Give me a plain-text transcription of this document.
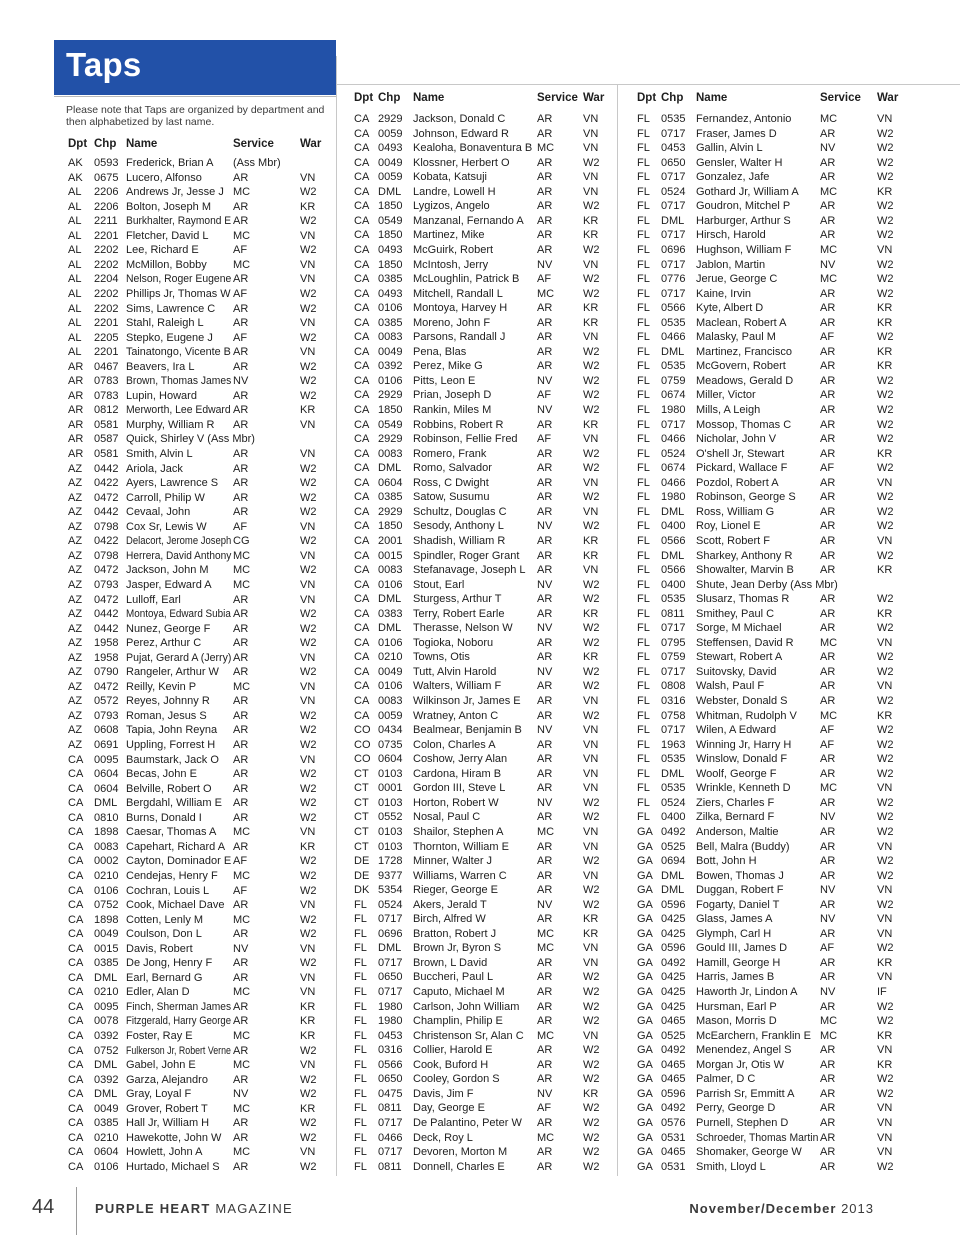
Taps
Please note that Taps are organized by department and then alphabetized by last name.
Dpt Chp Name	Service War
AK 0593 Frederick, Brian A (Ass Mbr)
AK 0675 Lucero, Alfonso	AR	VN
AL 2206 Andrews Jr, Jesse J MC	W2
AL 2206 Bolton, Joseph M AR	KR
AL 2211 Burkhalter, Raymond E AR	W2
AL 2201 Fletcher, David L MC	VN
AL 2202 Lee, Richard E	AF	W2
AL 2202 McMillon, Bobby MC	VN
AL 2204 Nelson, Roger Eugene AR	VN
AL 2202 Phillips Jr, Thomas W AF	W2
AL 2202 Sims, Lawrence C AR	W2
AL 2201 Stahl, Raleigh L	AR	VN
AL 2205 Stepko, Eugene J AF	W2
AL 2201 Tainatongo, Vicente B AR	VN
AR 0467 Beavers, Ira L	AR	W2
AR 0783 Brown, Thomas James NV	W2
AR 0783 Lupin, Howard	AR	W2
AR 0812 Merworth, Lee Edward AR	KR
AR 0581 Murphy, William R AR	VN
AR 0587 Quick, Shirley V (Ass Mbr)
AR 0581 Smith, Alvin L	AR	VN
AZ 0442 Ariola, Jack	AR	W2
AZ 0422 Ayers, Lawrence S AR	W2
AZ 0472 Carroll, Philip W	AR	W2
AZ 0442 Cevaal, John	AR	W2
AZ 0798 Cox Sr, Lewis W AF	VN
AZ 0422 Delacort, Jerome Joseph CG	W2
AZ 0798 Herrera, David Anthony MC	VN
AZ 0472 Jackson, John M MC	W2
AZ 0793 Jasper, Edward A MC	VN
AZ 0472 Lulloff, Earl	AR	VN
AZ 0442 Montoya, Edward Subia AR	W2
AZ 0442 Nunez, George F AR	W2
AZ 1958 Perez, Arthur C	AR	W2
AZ 1958 Pujat, Gerard A (Jerry) AR	VN
AZ 0790 Rangeler, Arthur W AR	W2
AZ 0472 Reilly, Kevin P	MC	VN
AZ 0572 Reyes, Johnny R AR	VN
AZ 0793 Roman, Jesus S AR	W2
AZ 0608 Tapia, John Reyna AR	W2
AZ 0691 Uppling, Forrest H AR	W2
CA 0095 Baumstark, Jack O AR	VN
CA 0604 Becas, John E	AR	W2
CA 0604 Belville, Robert O AR	W2
CA DML Bergdahl, William E AR	W2
CA 0810 Burns, Donald I	AR	W2
CA 1898 Caesar, Thomas A MC	VN
CA 0083 Capehart, Richard A AR	KR
CA 0002 Cayton, Dominador E AF	W2
CA 0210 Cendejas, Henry F MC	W2
CA 0106 Cochran, Louis L AF	W2
CA 0752 Cook, Michael Dave AR	VN
CA 1898 Cotten, Lenly M	MC	W2
CA 0049 Coulson, Don L	AR	W2
CA 0015 Davis, Robert	NV	VN
CA 0385 De Jong, Henry F AR	W2
CA DML Earl, Bernard G	AR	VN
CA 0210 Edler, Alan D	MC	VN
CA 0095 Finch, Sherman James AR	KR
CA 0078 Fitzgerald, Harry George AR	KR
CA 0392 Foster, Ray E	MC	KR
CA 0752 Fulkerson Jr, Robert Verne AR	W2
CA DML Gabel, John E	MC	VN
CA 0392 Garza, Alejandro AR	W2
CA DML Gray, Loyal F	NV	W2
CA 0049 Grover, Robert T MC	KR
CA 0385 Hall Jr, William H AR	W2
CA 0210 Hawekotte, John W AR	W2
CA 0604 Howlett, John A	MC	VN
CA 0106 Hurtado, Michael S AR	W2
Dpt Chp Name	Service War
CA 2929 Jackson, Donald C	AR	VN
CA 0059 Johnson, Edward R	AR	VN
CA 0493 Kealoha, Bonaventura B MC	VN
CA 0049 Klossner, Herbert O AR	W2
CA 0059 Kobata, Katsuji	AR	VN
CA DML Landre, Lowell H	AR	VN
CA 1850 Lygizos, Angelo	AR	W2
CA 0549 Manzanal, Fernando A AR	KR
CA 1850 Martinez, Mike	AR	KR
CA 0493 McGuirk, Robert	AR	W2
CA 1850 McIntosh, Jerry	NV	VN
CA 0385 McLoughlin, Patrick B AF	W2
CA 0493 Mitchell, Randall L	MC	W2
CA 0106 Montoya, Harvey H	AR	KR
CA 0385 Moreno, John F	AR	KR
CA 0083 Parsons, Randall J	AR	VN
CA 0049 Pena, Blas	AR	W2
CA 0392 Perez, Mike G	AR	W2
CA 0106 Pitts, Leon E	NV	W2
CA 2929 Prian, Joseph D	AF	W2
CA 1850 Rankin, Miles M	NV	W2
CA 0549 Robbins, Robert R	AR	KR
CA 2929 Robinson, Fellie Fred AF	VN
CA 0083 Romero, Frank	AR	W2
CA DML Romo, Salvador	AR	W2
CA 0604 Ross, C Dwight	AR	VN
CA 0385 Satow, Susumu	AR	W2
CA 2929 Schultz, Douglas C	AR	VN
CA 1850 Sesody, Anthony L	NV	W2
CA 2001 Shadish, William R	AR	KR
CA 0015 Spindler, Roger Grant AR	KR
CA 0083 Stefanavage, Joseph L AR	VN
CA 0106 Stout, Earl	NV	W2
CA DML Sturgess, Arthur T	AR	W2
CA 0383 Terry, Robert Earle	AR	KR
CA DML Therasse, Nelson W NV	W2
CA 0106 Togioka, Noboru	AR	W2
CA 0210 Towns, Otis	AR	KR
CA 0049 Tutt, Alvin Harold	NV	W2
CA 0106 Walters, William F	AR	W2
CA 0083 Wilkinson Jr, James E AR	VN
CA 0059 Wratney, Anton C	AR	W2
CO 0434 Bealmear, Benjamin B NV	VN
CO 0735 Colon, Charles A	AR	VN
CO 0604 Coshow, Jerry Alan	AR	VN
CT 0103 Cardona, Hiram B	AR	VN
CT 0001 Gordon III, Steve L	AR	VN
CT 0103 Horton, Robert W	NV	W2
CT 0552 Nosal, Paul C	AR	W2
CT 0103 Shailor, Stephen A	MC	VN
CT 0103 Thornton, William E	AR	VN
DE 1728 Minner, Walter J	AR	W2
DE 9377 Williams, Warren C	AR	VN
DK 5354 Rieger, George E	AR	W2
FL 0524 Akers, Jerald T	NV	W2
FL 0717 Birch, Alfred W	AR	KR
FL 0696 Bratton, Robert J	MC	KR
FL DML Brown Jr, Byron S	MC	VN
FL 0717 Brown, L David	AR	VN
FL 0650 Buccheri, Paul L	AR	W2
FL 0717 Caputo, Michael M	AR	W2
FL 1980 Carlson, John William AR	W2
FL 1980 Champlin, Philip E	AR	W2
FL 0453 Christenson Sr, Alan C MC	VN
FL 0316 Collier, Harold E	AR	W2
FL 0566 Cook, Buford H	AR	W2
FL 0650 Cooley, Gordon S	AR	W2
FL 0475 Davis, Jim F	NV	KR
FL 0811 Day, George E	AF	W2
FL 0717 De Palantino, Peter W AR	W2
FL 0466 Deck, Roy L	MC	W2
FL 0717 Devoren, Morton M	AR	W2
FL 0811 Donnell, Charles E	AR	W2
Dpt Chp Name	Service War
FL 0535 Fernandez, Antonio	MC	VN
FL 0717 Fraser, James D	AR	W2
FL 0453 Gallin, Alvin L	NV	W2
FL 0650 Gensler, Walter H	AR	W2
FL 0717 Gonzalez, Jafe	AR	W2
FL 0524 Gothard Jr, William A MC	KR
FL 0717 Goudron, Mitchel P	AR	W2
FL DML Harburger, Arthur S	AR	W2
FL 0717 Hirsch, Harold	AR	W2
FL 0696 Hughson, William F	MC	VN
FL 0717 Jablon, Martin	NV	W2
FL 0776 Jerue, George C	MC	W2
FL 0717 Kaine, Irvin	AR	W2
FL 0566 Kyte, Albert D	AR	KR
FL 0535 Maclean, Robert A	AR	KR
FL 0466 Malasky, Paul M	AF	W2
FL DML Martinez, Francisco	AR	KR
FL 0535 McGovern, Robert	AR	KR
FL 0759 Meadows, Gerald D AR	W2
FL 0674 Miller, Victor	AR	W2
FL 1980 Mills, A Leigh	AR	W2
FL 0717 Mossop, Thomas C	AR	W2
FL 0466 Nicholar, John V	AR	W2
FL 0524 O'shell Jr, Stewart	AR	KR
FL 0674 Pickard, Wallace F	AF	W2
FL 0466 Pozdol, Robert A	AR	VN
FL 1980 Robinson, George S AR	W2
FL DML Ross, William G	AR	W2
FL 0400 Roy, Lionel E	AR	W2
FL 0566 Scott, Robert F	AR	VN
FL DML Sharkey, Anthony R	AR	W2
FL 0566 Showalter, Marvin B AR	KR
FL 0400 Shute, Jean Derby (Ass Mbr)
FL 0535 Slusarz, Thomas R	AR	W2
FL 0811 Smithey, Paul C	AR	KR
FL 0717 Sorge, M Michael	AR	W2
FL 0795 Steffensen, David R MC	VN
FL 0759 Stewart, Robert A	AR	W2
FL 0717 Suitovsky, David	AR	W2
FL 0808 Walsh, Paul F	AR	VN
FL 0316 Webster, Donald S	AR	W2
FL 0758 Whitman, Rudolph V MC	KR
FL 0717 Wilen, A Edward	AF	W2
FL 1963 Winning Jr, Harry H	AF	W2
FL 0535 Winslow, Donald F	AR	W2
FL DML Woolf, George F	AR	W2
FL 0535 Wrinkle, Kenneth D	MC	VN
FL 0524 Ziers, Charles F	AR	W2
FL 0400 Zilka, Bernard F	NV	W2
GA 0492 Anderson, Maltie	AR	W2
GA 0525 Bell, Malra (Buddy)	AR	VN
GA 0694 Bott, John H	AR	W2
GA DML Bowen, Thomas J	AR	W2
GA DML Duggan, Robert F	NV	VN
GA 0596 Fogarty, Daniel T	AR	W2
GA 0425 Glass, James A	NV	VN
GA 0425 Glymph, Carl H	AR	VN
GA 0596 Gould III, James D	AF	W2
GA 0492 Hamill, George H	AR	KR
GA 0425 Harris, James B	AR	VN
GA 0425 Haworth Jr, Lindon A NV	IF
GA 0425 Hursman, Earl P	AR	W2
GA 0465 Mason, Morris D	MC	W2
GA 0525 McEarchern, Franklin E MC	KR
GA 0492 Menendez, Angel S	AR	VN
GA 0465 Morgan Jr, Otis W	AR	KR
GA 0465 Palmer, D C	AR	W2
GA 0596 Parrish Sr, Emmitt A AR	W2
GA 0492 Perry, George D	AR	VN
GA 0576 Purnell, Stephen D	AR	VN
GA 0531 Schroeder, Thomas Martin AR	VN
GA 0465 Shomaker, George W AR	VN
GA 0531 Smith, Lloyd L	AR	W2
44	PURPLE HEART MAGAZINE	November/December 2013
